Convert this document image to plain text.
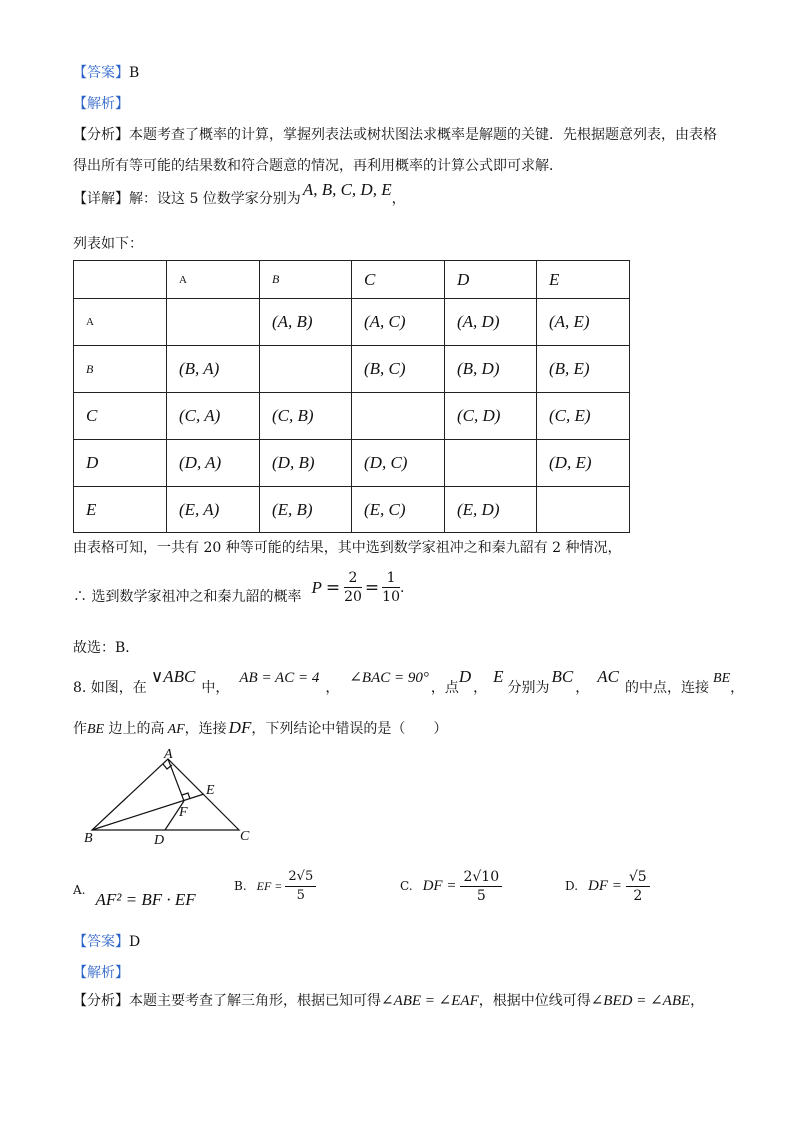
【答案】B
【解析】
【分析】本题考查了概率的计算，掌握列表法或树状图法求概率是解题的关键．先根据题意列表，由表格
得出所有等可能的结果数和符合题意的情况，再利用概率的计算公式即可求解．
【详解】解：设这 5 位数学家分别为 A, B, C, D, E，
列表如下：
	A	B	C	D	E
A		(A, B)	(A, C)	(A, D)	(A, E)
B	(B, A)		(B, C)	(B, D)	(B, E)
C	(C, A)	(C, B)		(C, D)	(C, E)
D	(D, A)	(D, B)	(D, C)		(D, E)
E	(E, A)	(E, B)	(E, C)	(E, D)	
由表格可知，一共有 20 种等可能的结果，其中选到数学家祖冲之和秦九韶有 2 种情况，
∴ 选到数学家祖冲之和秦九韶的概率
$P = \frac{2}{20} = \frac{1}{10}$ .
故选：B．
8. 如图，在∨ABC中，AB = AC = 4，∠BAC = 90°，点D，E分别为BC，AC的中点，连接BE，
作BE 边上的高 AF，连接 DF，下列结论中错误的是（　　）
A
B	C
D
E
F
A. AF² = BF · EF
B. EF = $\frac{2√5}{5}$	C. DF = $\frac{2√10}{5}$	D. DF = $\frac{√5}{2}$
【答案】D
【解析】
【分析】本题主要考查了解三角形，根据已知可得∠ABE = ∠EAF，根据中位线可得∠BED = ∠ABE，
